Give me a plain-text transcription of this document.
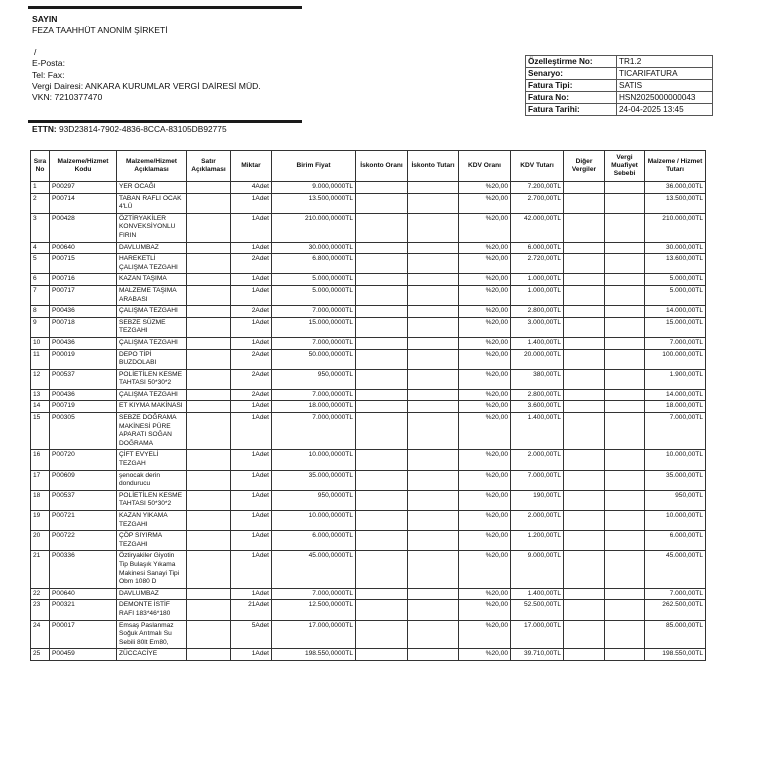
SAYIN
FEZA TAAHHÜT ANONİM ŞİRKETİ
/
E-Posta:
Tel: Fax:
Vergi Dairesi: ANKARA KURUMLAR VERGİ DAİRESİ MÜD.
VKN: 7210377470
ETTN: 93D23814-7902-4836-8CCA-83105DB92775
Özelleştirme No:	TR1.2
Senaryo:	TICARIFATURA
Fatura Tipi:	SATIS
Fatura No:	HSN2025000000043
Fatura Tarihi:	24-04-2025 13:45
Sıra No	Malzeme/Hizmet Kodu	Malzeme/Hizmet Açıklaması	Satır Açıklaması	Miktar	Birim Fiyat	İskonto Oranı	İskonto Tutarı	KDV Oranı	KDV Tutarı	Diğer Vergiler	Vergi Muafiyet Sebebi	Malzeme / Hizmet Tutarı
1	P00297	YER OCAĞI		4Adet	9.000,0000TL			%20,00	7.200,00TL			36.000,00TL
2	P00714	TABAN RAFLI OCAK 4'LÜ		1Adet	13.500,0000TL			%20,00	2.700,00TL			13.500,00TL
3	P00428	ÖZTİRYAKİLER KONVEKSİYONLU FIRIN		1Adet	210.000,0000TL			%20,00	42.000,00TL			210.000,00TL
4	P00640	DAVLUMBAZ		1Adet	30.000,0000TL			%20,00	6.000,00TL			30.000,00TL
5	P00715	HAREKETLİ ÇALIŞMA TEZGAHI		2Adet	6.800,0000TL			%20,00	2.720,00TL			13.600,00TL
6	P00716	KAZAN TAŞIMA		1Adet	5.000,0000TL			%20,00	1.000,00TL			5.000,00TL
7	P00717	MALZEME TAŞIMA ARABASI		1Adet	5.000,0000TL			%20,00	1.000,00TL			5.000,00TL
8	P00436	ÇALIŞMA TEZGAHI		2Adet	7.000,0000TL			%20,00	2.800,00TL			14.000,00TL
9	P00718	SEBZE SÜZME TEZGAHI		1Adet	15.000,0000TL			%20,00	3.000,00TL			15.000,00TL
10	P00436	ÇALIŞMA TEZGAHI		1Adet	7.000,0000TL			%20,00	1.400,00TL			7.000,00TL
11	P00019	DEPO TİPİ BUZDOLABI		2Adet	50.000,0000TL			%20,00	20.000,00TL			100.000,00TL
12	P00537	POLİETİLEN KESME TAHTASI 50*30*2		2Adet	950,0000TL			%20,00	380,00TL			1.900,00TL
13	P00436	ÇALIŞMA TEZGAHI		2Adet	7.000,0000TL			%20,00	2.800,00TL			14.000,00TL
14	P00719	ET KIYMA MAKİNASI		1Adet	18.000,0000TL			%20,00	3.600,00TL			18.000,00TL
15	P00305	SEBZE DOĞRAMA MAKİNESİ PÜRE APARATI SOĞAN DOĞRAMA		1Adet	7.000,0000TL			%20,00	1.400,00TL			7.000,00TL
16	P00720	ÇİFT EVYELİ TEZGAH		1Adet	10.000,0000TL			%20,00	2.000,00TL			10.000,00TL
17	P00609	şenocak derin dondurucu		1Adet	35.000,0000TL			%20,00	7.000,00TL			35.000,00TL
18	P00537	POLİETİLEN KESME TAHTASI 50*30*2		1Adet	950,0000TL			%20,00	190,00TL			950,00TL
19	P00721	KAZAN YIKAMA TEZGAHI		1Adet	10.000,0000TL			%20,00	2.000,00TL			10.000,00TL
20	P00722	ÇÖP SIYIRMA TEZGAHI		1Adet	6.000,0000TL			%20,00	1.200,00TL			6.000,00TL
21	P00336	Öztiryakiler Giyotin Tip Bulaşık Yıkama Makinesi Sanayi Tipi Obm 1080 D		1Adet	45.000,0000TL			%20,00	9.000,00TL			45.000,00TL
22	P00640	DAVLUMBAZ		1Adet	7.000,0000TL			%20,00	1.400,00TL			7.000,00TL
23	P00321	DEMONTE İSTİF RAFI 183*46*180		21Adet	12.500,0000TL			%20,00	52.500,00TL			262.500,00TL
24	P00017	Emsaş Paslanmaz Soğuk Arıtmalı Su Sebili 80lt Em80,		5Adet	17.000,0000TL			%20,00	17.000,00TL			85.000,00TL
25	P00459	ZÜCCACİYE		1Adet	198.550,0000TL			%20,00	39.710,00TL			198.550,00TL
